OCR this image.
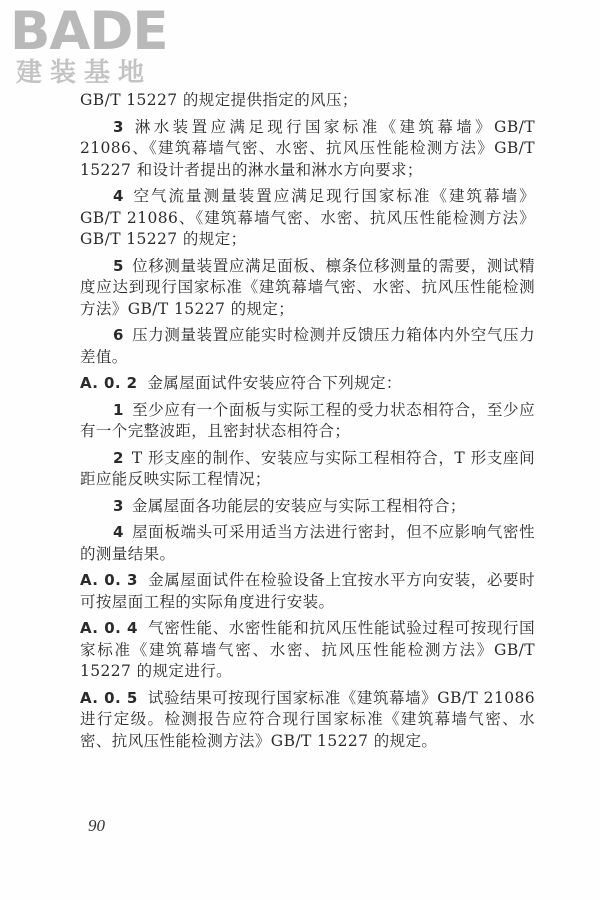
BADE
建装基地

GB/T 15227 的规定提供指定的风压；

3 淋水装置应满足现行国家标准《建筑幕墙》GB/T 21086、《建筑幕墙气密、水密、抗风压性能检测方法》GB/T 15227 和设计者提出的淋水量和淋水方向要求；

4 空气流量测量装置应满足现行国家标准《建筑幕墙》GB/T 21086、《建筑幕墙气密、水密、抗风压性能检测方法》GB/T 15227 的规定；

5 位移测量装置应满足面板、檩条位移测量的需要，测试精度应达到现行国家标准《建筑幕墙气密、水密、抗风压性能检测方法》GB/T 15227 的规定；

6 压力测量装置应能实时检测并反馈压力箱体内外空气压力差值。

A. 0. 2 金属屋面试件安装应符合下列规定：

1 至少应有一个面板与实际工程的受力状态相符合，至少应有一个完整波距，且密封状态相符合；

2 T 形支座的制作、安装应与实际工程相符合，T 形支座间距应能反映实际工程情况；

3 金属屋面各功能层的安装应与实际工程相符合；

4 屋面板端头可采用适当方法进行密封，但不应影响气密性的测量结果。

A. 0. 3 金属屋面试件在检验设备上宜按水平方向安装，必要时可按屋面工程的实际角度进行安装。

A. 0. 4 气密性能、水密性能和抗风压性能试验过程可按现行国家标准《建筑幕墙气密、水密、抗风压性能检测方法》GB/T 15227 的规定进行。

A. 0. 5 试验结果可按现行国家标准《建筑幕墙》GB/T 21086 进行定级。检测报告应符合现行国家标准《建筑幕墙气密、水密、抗风压性能检测方法》GB/T 15227 的规定。

90
